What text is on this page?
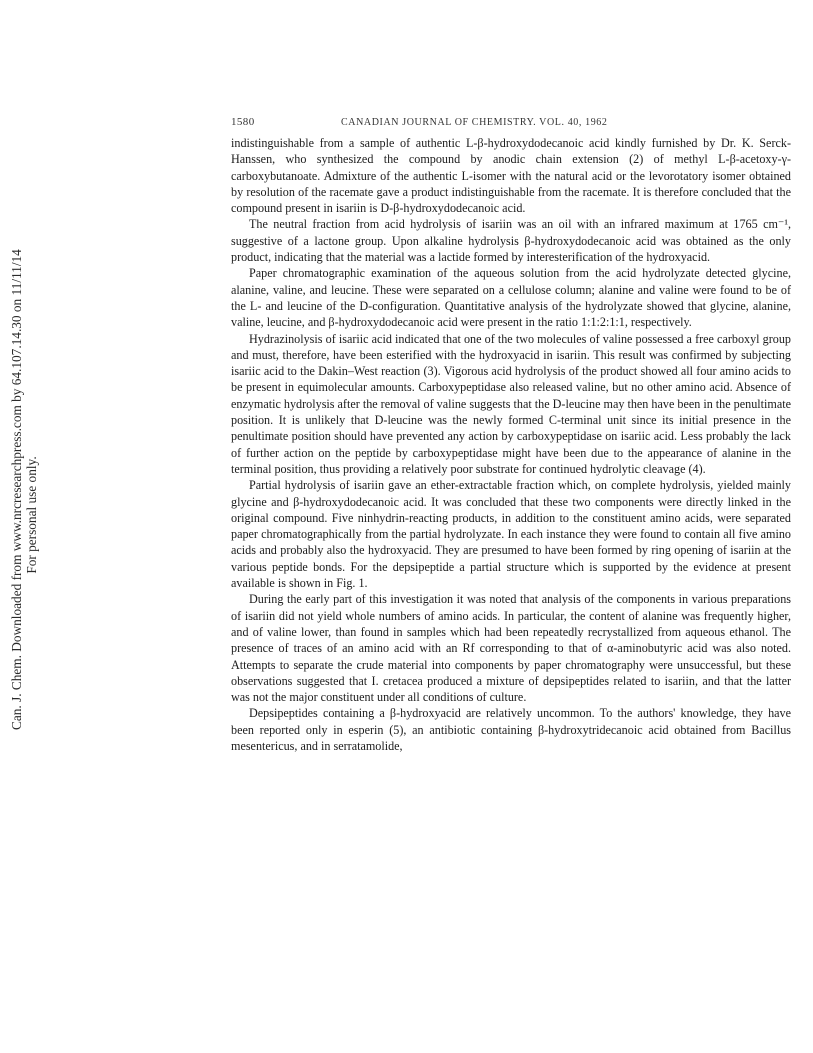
Can. J. Chem. Downloaded from www.nrcresearchpress.com by 64.107.14.30 on 11/11/14 For personal use only.
1580	CANADIAN JOURNAL OF CHEMISTRY. VOL. 40, 1962

indistinguishable from a sample of authentic L-β-hydroxydodecanoic acid kindly furnished by Dr. K. Serck-Hanssen, who synthesized the compound by anodic chain extension (2) of methyl L-β-acetoxy-γ-carboxybutanoate. Admixture of the authentic L-isomer with the natural acid or the levorotatory isomer obtained by resolution of the racemate gave a product indistinguishable from the racemate. It is therefore concluded that the compound present in isariin is D-β-hydroxydodecanoic acid.

The neutral fraction from acid hydrolysis of isariin was an oil with an infrared maximum at 1765 cm⁻¹, suggestive of a lactone group. Upon alkaline hydrolysis β-hydroxydodecanoic acid was obtained as the only product, indicating that the material was a lactide formed by interesterification of the hydroxyacid.

Paper chromatographic examination of the aqueous solution from the acid hydrolyzate detected glycine, alanine, valine, and leucine. These were separated on a cellulose column; alanine and valine were found to be of the L- and leucine of the D-configuration. Quantitative analysis of the hydrolyzate showed that glycine, alanine, valine, leucine, and β-hydroxydodecanoic acid were present in the ratio 1:1:2:1:1, respectively.

Hydrazinolysis of isariic acid indicated that one of the two molecules of valine possessed a free carboxyl group and must, therefore, have been esterified with the hydroxyacid in isariin. This result was confirmed by subjecting isariic acid to the Dakin–West reaction (3). Vigorous acid hydrolysis of the product showed all four amino acids to be present in equimolecular amounts. Carboxypeptidase also released valine, but no other amino acid. Absence of enzymatic hydrolysis after the removal of valine suggests that the D-leucine may then have been in the penultimate position. It is unlikely that D-leucine was the newly formed C-terminal unit since its initial presence in the penultimate position should have prevented any action by carboxypeptidase on isariic acid. Less probably the lack of further action on the peptide by carboxypeptidase might have been due to the appearance of alanine in the terminal position, thus providing a relatively poor substrate for continued hydrolytic cleavage (4).

Partial hydrolysis of isariin gave an ether-extractable fraction which, on complete hydrolysis, yielded mainly glycine and β-hydroxydodecanoic acid. It was concluded that these two components were directly linked in the original compound. Five ninhydrin-reacting products, in addition to the constituent amino acids, were separated paper chromatographically from the partial hydrolyzate. In each instance they were found to contain all five amino acids and probably also the hydroxyacid. They are presumed to have been formed by ring opening of isariin at the various peptide bonds. For the depsipeptide a partial structure which is supported by the evidence at present available is shown in Fig. 1.

During the early part of this investigation it was noted that analysis of the components in various preparations of isariin did not yield whole numbers of amino acids. In particular, the content of alanine was frequently higher, and of valine lower, than found in samples which had been repeatedly recrystallized from aqueous ethanol. The presence of traces of an amino acid with an Rf corresponding to that of α-aminobutyric acid was also noted. Attempts to separate the crude material into components by paper chromatography were unsuccessful, but these observations suggested that I. cretacea produced a mixture of depsipeptides related to isariin, and that the latter was not the major constituent under all conditions of culture.

Depsipeptides containing a β-hydroxyacid are relatively uncommon. To the authors' knowledge, they have been reported only in esperin (5), an antibiotic containing β-hydroxytridecanoic acid obtained from Bacillus mesentericus, and in serratamolide,
